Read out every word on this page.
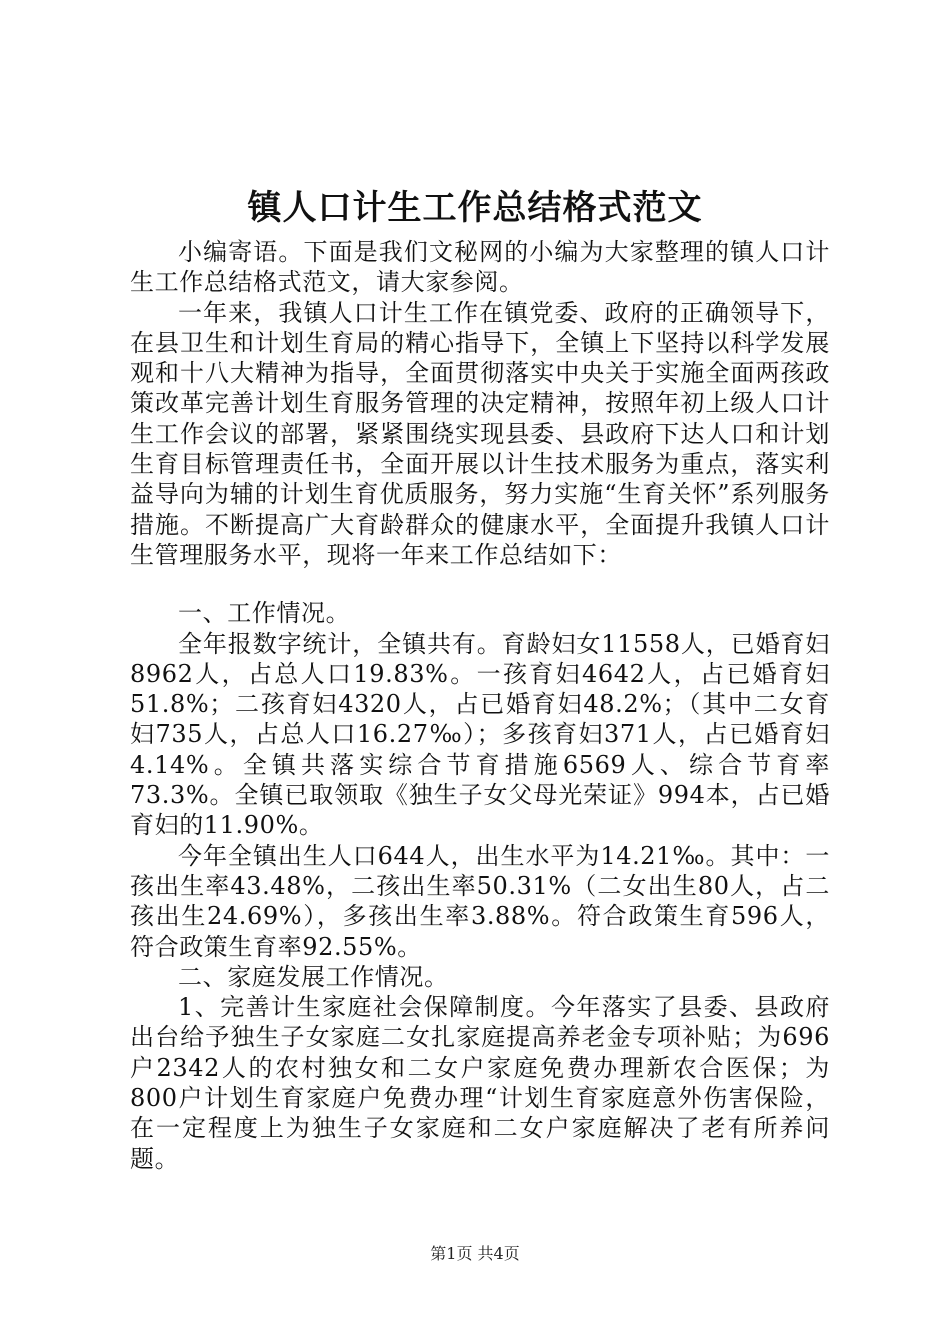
镇人口计生工作总结格式范文

小编寄语。下面是我们文秘网的小编为大家整理的镇人口计生工作总结格式范文，请大家参阅。

一年来，我镇人口计生工作在镇党委、政府的正确领导下，在县卫生和计划生育局的精心指导下，全镇上下坚持以科学发展观和十八大精神为指导，全面贯彻落实中央关于实施全面两孩政策改革完善计划生育服务管理的决定精神，按照年初上级人口计生工作会议的部署，紧紧围绕实现县委、县政府下达人口和计划生育目标管理责任书，全面开展以计生技术服务为重点，落实利益导向为辅的计划生育优质服务，努力实施“生育关怀”系列服务措施。不断提高广大育龄群众的健康水平，全面提升我镇人口计生管理服务水平，现将一年来工作总结如下：

一、工作情况。

全年报数字统计，全镇共有。育龄妇女11558人，已婚育妇8962人，占总人口19.83%。一孩育妇4642人，占已婚育妇51.8%；二孩育妇4320人，占已婚育妇48.2%；（其中二女育妇735人，占总人口16.27‰）；多孩育妇371人，占已婚育妇4.14%。全镇共落实综合节育措施6569人、综合节育率73.3%。全镇已取领取《独生子女父母光荣证》994本，占已婚育妇的11.90%。

今年全镇出生人口644人，出生水平为14.21‰。其中：一孩出生率43.48%，二孩出生率50.31%（二女出生80人，占二孩出生24.69%），多孩出生率3.88%。符合政策生育596人，符合政策生育率92.55%。

二、家庭发展工作情况。

1、完善计生家庭社会保障制度。今年落实了县委、县政府出台给予独生子女家庭二女扎家庭提高养老金专项补贴；为696户2342人的农村独女和二女户家庭免费办理新农合医保；为800户计划生育家庭户免费办理“计划生育家庭意外伤害保险，在一定程度上为独生子女家庭和二女户家庭解决了老有所养问题。

第1页 共4页
